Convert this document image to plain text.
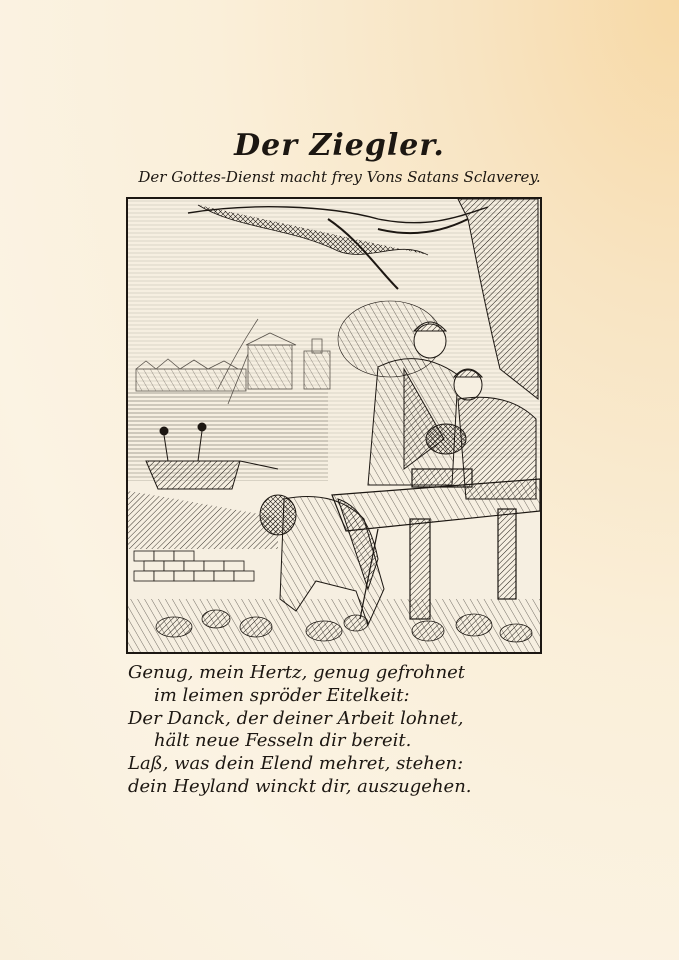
Der Ziegler.
Der Gottes-Dienst macht frey Vons Satans Sclaverey.
Genug, mein Hertz, genug gefrohnet
im leimen spröder Eitelkeit:
Der Danck, der deiner Arbeit lohnet,
hält neue Fesseln dir bereit.
Laß, was dein Elend mehret, stehen:
dein Heyland winckt dir, auszugehen.
